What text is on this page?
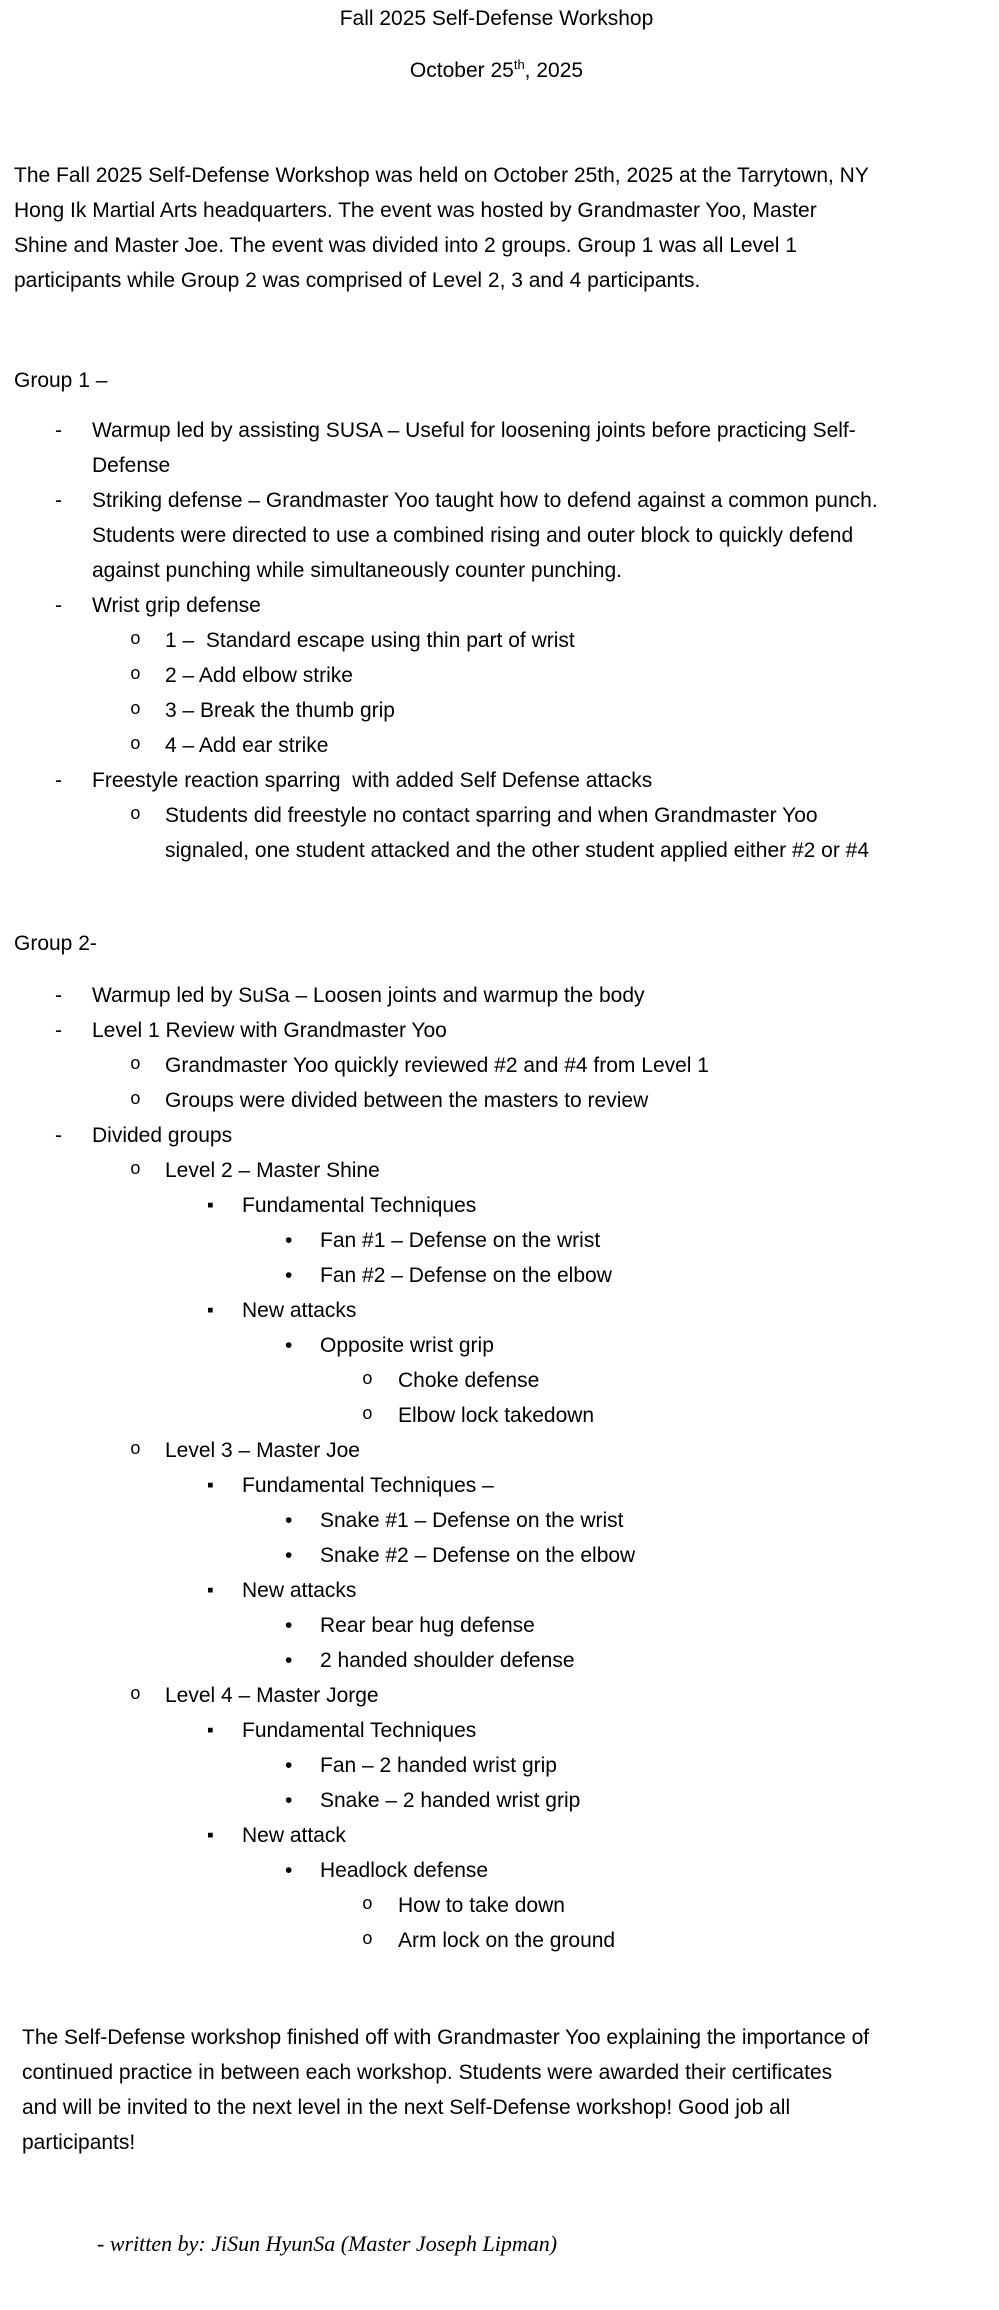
Fall 2025 Self-Defense Workshop
October 25th, 2025
The Fall 2025 Self-Defense Workshop was held on October 25th, 2025 at the Tarrytown, NY
Hong Ik Martial Arts headquarters. The event was hosted by Grandmaster Yoo, Master
Shine and Master Joe. The event was divided into 2 groups. Group 1 was all Level 1
participants while Group 2 was comprised of Level 2, 3 and 4 participants.
Group 1 –
- Warmup led by assisting SUSA – Useful for loosening joints before practicing Self-
Defense
- Striking defense – Grandmaster Yoo taught how to defend against a common punch.
Students were directed to use a combined rising and outer block to quickly defend
against punching while simultaneously counter punching.
- Wrist grip defense
o 1 –  Standard escape using thin part of wrist
o 2 – Add elbow strike
o 3 – Break the thumb grip
o 4 – Add ear strike
- Freestyle reaction sparring  with added Self Defense attacks
o Students did freestyle no contact sparring and when Grandmaster Yoo
signaled, one student attacked and the other student applied either #2 or #4
Group 2-
- Warmup led by SuSa – Loosen joints and warmup the body
- Level 1 Review with Grandmaster Yoo
o Grandmaster Yoo quickly reviewed #2 and #4 from Level 1
o Groups were divided between the masters to review
- Divided groups
o Level 2 – Master Shine
▪ Fundamental Techniques
• Fan #1 – Defense on the wrist
• Fan #2 – Defense on the elbow
▪ New attacks
• Opposite wrist grip
o Choke defense
o Elbow lock takedown
o Level 3 – Master Joe
▪ Fundamental Techniques –
• Snake #1 – Defense on the wrist
• Snake #2 – Defense on the elbow
▪ New attacks
• Rear bear hug defense
• 2 handed shoulder defense
o Level 4 – Master Jorge
▪ Fundamental Techniques
• Fan – 2 handed wrist grip
• Snake – 2 handed wrist grip
▪ New attack
• Headlock defense
o How to take down
o Arm lock on the ground
The Self-Defense workshop finished off with Grandmaster Yoo explaining the importance of
continued practice in between each workshop. Students were awarded their certificates
and will be invited to the next level in the next Self-Defense workshop! Good job all
participants!
- written by: JiSun HyunSa (Master Joseph Lipman)
